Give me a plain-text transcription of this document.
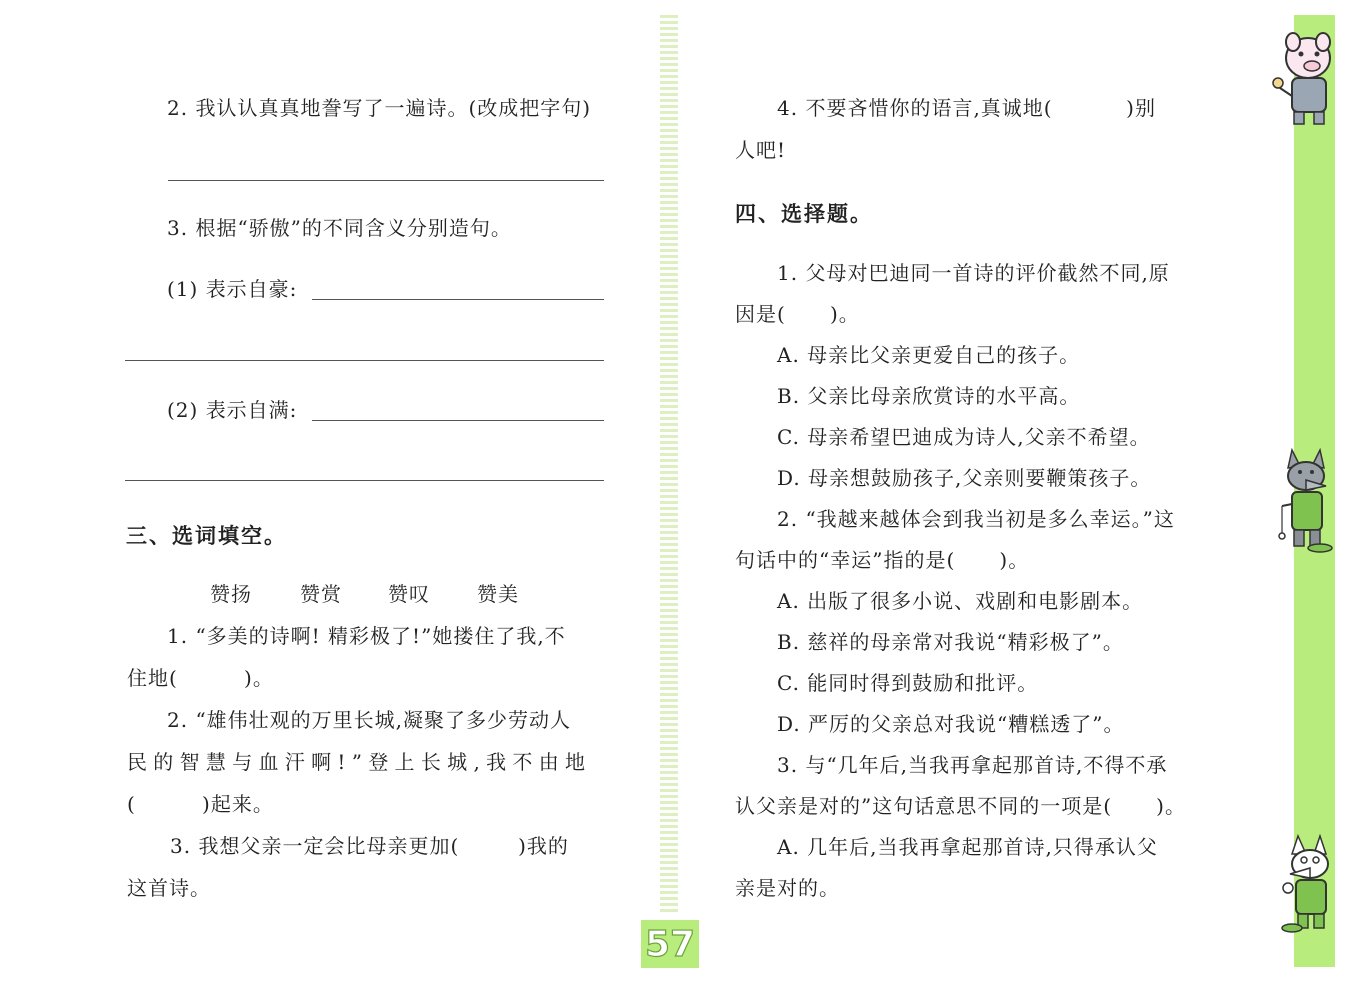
2. 我认认真真地誊写了一遍诗。(改成把字句)
3. 根据“骄傲”的不同含义分别造句。
(1) 表示自豪:
(2) 表示自满:
三、选词填空。
赞扬 赞赏 赞叹 赞美
1. “多美的诗啊! 精彩极了!”她搂住了我,不
住地(         )。
2. “雄伟壮观的万里长城,凝聚了多少劳动人
民的智慧与血汗啊!”登上长城,我不由地
(         )起来。
3. 我想父亲一定会比母亲更加(        )我的
这首诗。
4. 不要吝惜你的语言,真诚地(          )别
人吧!
四、选择题。
1. 父母对巴迪同一首诗的评价截然不同,原
因是(      )。
A. 母亲比父亲更爱自己的孩子。
B. 父亲比母亲欣赏诗的水平高。
C. 母亲希望巴迪成为诗人,父亲不希望。
D. 母亲想鼓励孩子,父亲则要鞭策孩子。
2. “我越来越体会到我当初是多么幸运。”这
句话中的“幸运”指的是(      )。
A. 出版了很多小说、戏剧和电影剧本。
B. 慈祥的母亲常对我说“精彩极了”。
C. 能同时得到鼓励和批评。
D. 严厉的父亲总对我说“糟糕透了”。
3. 与“几年后,当我再拿起那首诗,不得不承
认父亲是对的”这句话意思不同的一项是(      )。
A. 几年后,当我再拿起那首诗,只得承认父
亲是对的。
57
